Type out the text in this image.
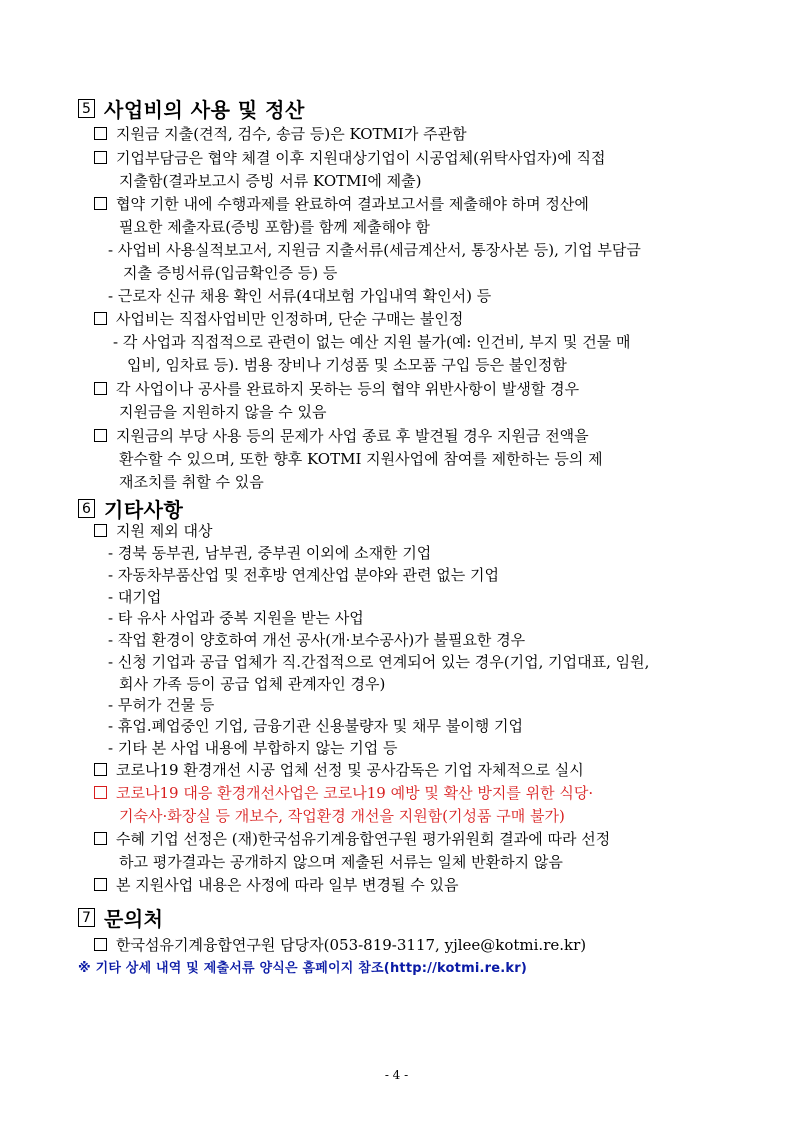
5 사업비의 사용 및 정산
지원금 지출(견적, 검수, 송금 등)은 KOTMI가 주관함
기업부담금은 협약 체결 이후 지원대상기업이 시공업체(위탁사업자)에 직접
지출함(결과보고시 증빙 서류 KOTMI에 제출)
협약 기한 내에 수행과제를 완료하여 결과보고서를 제출해야 하며 정산에
필요한 제출자료(증빙 포함)를 함께 제출해야 함
- 사업비 사용실적보고서, 지원금 지출서류(세금계산서, 통장사본 등), 기업 부담금
지출 증빙서류(입금확인증 등) 등
- 근로자 신규 채용 확인 서류(4대보험 가입내역 확인서) 등
사업비는 직접사업비만 인정하며, 단순 구매는 불인정
- 각 사업과 직접적으로 관련이 없는 예산 지원 불가(예: 인건비, 부지 및 건물 매
입비, 임차료 등). 범용 장비나 기성품 및 소모품 구입 등은 불인정함
각 사업이나 공사를 완료하지 못하는 등의 협약 위반사항이 발생할 경우
지원금을 지원하지 않을 수 있음
지원금의 부당 사용 등의 문제가 사업 종료 후 발견될 경우 지원금 전액을
환수할 수 있으며, 또한 향후 KOTMI 지원사업에 참여를 제한하는 등의 제
재조치를 취할 수 있음
6 기타사항
지원 제외 대상
- 경북 동부권, 남부권, 중부권 이외에 소재한 기업
- 자동차부품산업 및 전후방 연계산업 분야와 관련 없는 기업
- 대기업
- 타 유사 사업과 중복 지원을 받는 사업
- 작업 환경이 양호하여 개선 공사(개·보수공사)가 불필요한 경우
- 신청 기업과 공급 업체가 직.간접적으로 연계되어 있는 경우(기업, 기업대표, 임원,
회사 가족 등이 공급 업체 관계자인 경우)
- 무허가 건물 등
- 휴업.폐업중인 기업, 금융기관 신용불량자 및 채무 불이행 기업
- 기타 본 사업 내용에 부합하지 않는 기업 등
코로나19 환경개선 시공 업체 선정 및 공사감독은 기업 자체적으로 실시
코로나19 대응 환경개선사업은 코로나19 예방 및 확산 방지를 위한 식당·
기숙사·화장실 등 개보수, 작업환경 개선을 지원함(기성품 구매 불가)
수혜 기업 선정은 (재)한국섬유기계융합연구원 평가위원회 결과에 따라 선정
하고 평가결과는 공개하지 않으며 제출된 서류는 일체 반환하지 않음
본 지원사업 내용은 사정에 따라 일부 변경될 수 있음
7 문의처
한국섬유기계융합연구원 담당자(053-819-3117, yjlee@kotmi.re.kr)
※ 기타 상세 내역 및 제출서류 양식은 홈페이지 참조(http://kotmi.re.kr)
- 4 -
